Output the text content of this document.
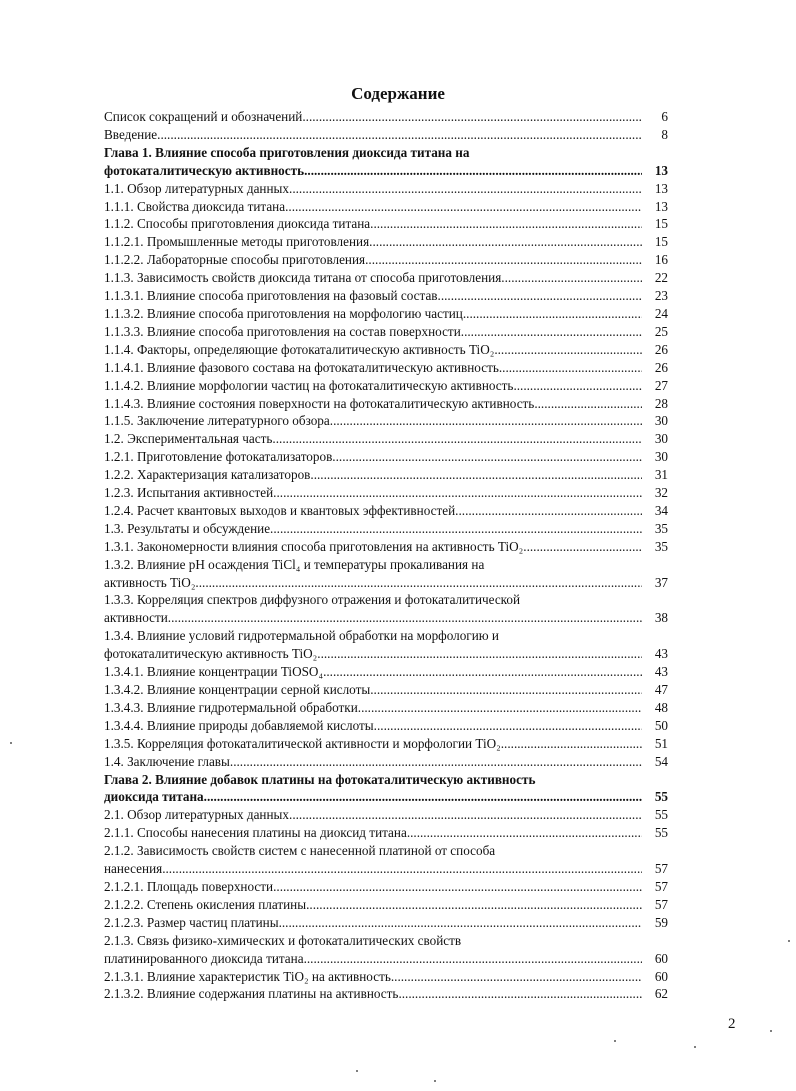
Содержание
Список сокращений и обозначений .....	6
Введение .....	8
Глава 1. Влияние способа приготовления диоксида титана на
фотокаталитическую активность .....	13
1.1. Обзор литературных данных .....	13
1.1.1. Свойства диоксида титана .....	13
1.1.2. Способы приготовления диоксида титана .....	15
1.1.2.1. Промышленные методы приготовления .....	15
1.1.2.2. Лабораторные способы приготовления .....	16
1.1.3. Зависимость свойств диоксида титана от способа приготовления .....	22
1.1.3.1. Влияние способа приготовления на фазовый состав .....	23
1.1.3.2. Влияние способа приготовления на морфологию частиц .....	24
1.1.3.3. Влияние способа приготовления на состав поверхности .....	25
1.1.4. Факторы, определяющие фотокаталитическую активность TiO₂ .....	26
1.1.4.1. Влияние фазового состава на фотокаталитическую активность .....	26
1.1.4.2. Влияние морфологии частиц на фотокаталитическую активность .....	27
1.1.4.3. Влияние состояния поверхности на фотокаталитическую активность .....	28
1.1.5. Заключение литературного обзора .....	30
1.2. Экспериментальная часть .....	30
1.2.1. Приготовление фотокатализаторов .....	30
1.2.2. Характеризация катализаторов .....	31
1.2.3. Испытания активностей .....	32
1.2.4. Расчет квантовых выходов и квантовых эффективностей .....	34
1.3. Результаты и обсуждение .....	35
1.3.1. Закономерности влияния способа приготовления на активность TiO₂ .....	35
1.3.2. Влияние pH осаждения TiCl₄ и температуры прокаливания на
активность TiO₂ .....	37
1.3.3. Корреляция спектров диффузного отражения и фотокаталитической
активности .....	38
1.3.4. Влияние условий гидротермальной обработки на морфологию и
фотокаталитическую активность TiO₂ .....	43
1.3.4.1. Влияние концентрации TiOSO₄ .....	43
1.3.4.2. Влияние концентрации серной кислоты .....	47
1.3.4.3. Влияние гидротермальной обработки .....	48
1.3.4.4. Влияние природы добавляемой кислоты .....	50
1.3.5. Корреляция фотокаталитической активности и морфологии TiO₂ .....	51
1.4. Заключение главы .....	54
Глава 2. Влияние добавок платины на фотокаталитическую активность
диоксида титана .....	55
2.1. Обзор литературных данных .....	55
2.1.1. Способы нанесения платины на диоксид титана .....	55
2.1.2. Зависимость свойств систем с нанесенной платиной от способа
нанесения .....	57
2.1.2.1. Площадь поверхности .....	57
2.1.2.2. Степень окисления платины .....	57
2.1.2.3. Размер частиц платины .....	59
2.1.3. Связь физико-химических и фотокаталитических свойств
платинированного диоксида титана .....	60
2.1.3.1. Влияние характеристик TiO₂ на активность .....	60
2.1.3.2. Влияние содержания платины на активность .....	62
2
